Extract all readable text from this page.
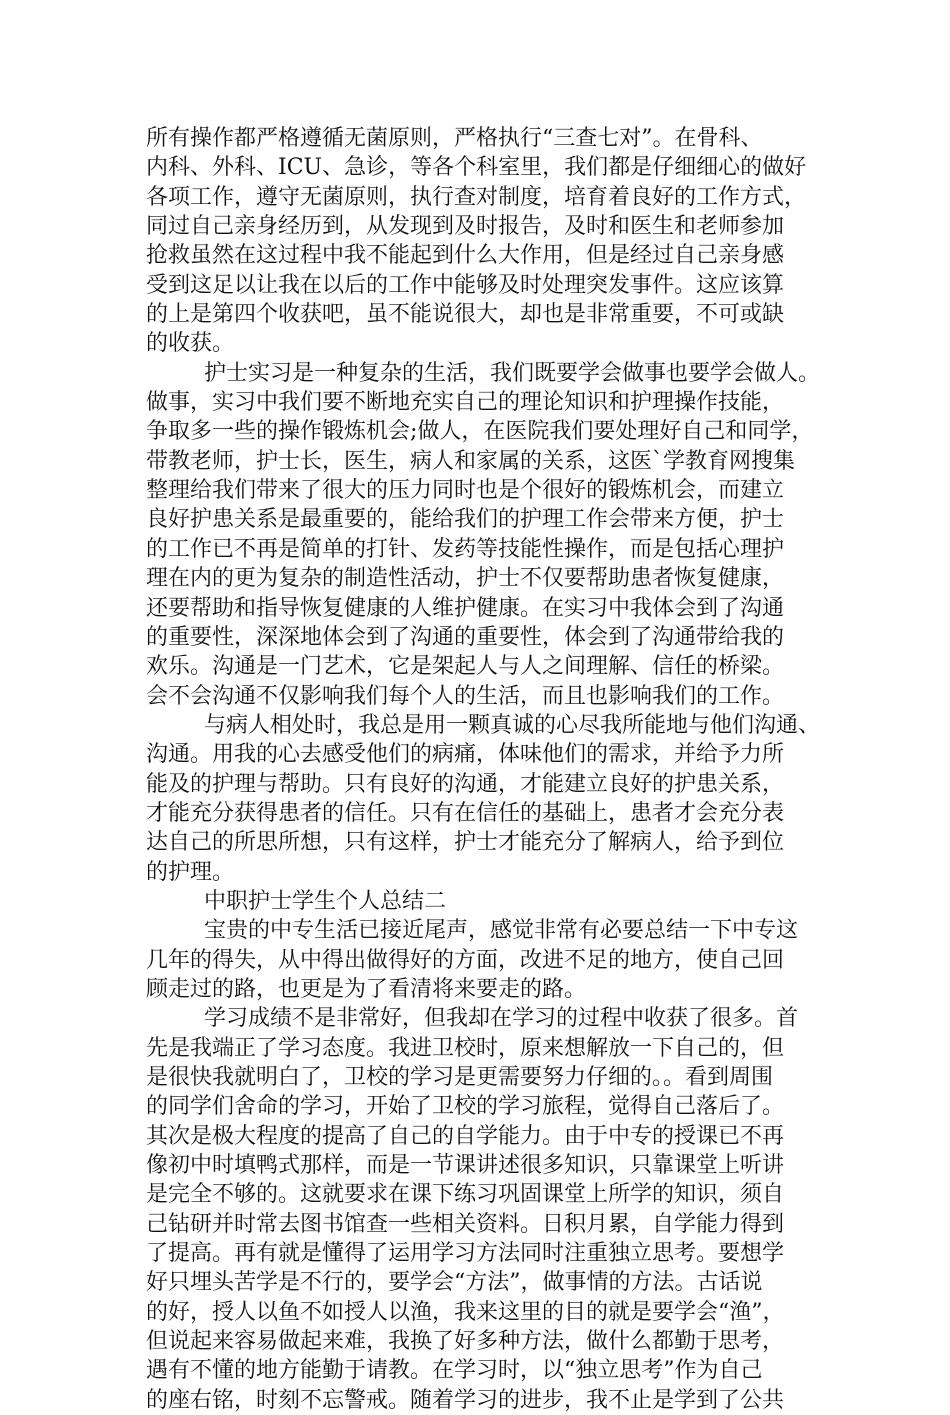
所有操作都严格遵循无菌原则，严格执行“三查七对”。在骨科、
内科、外科、ICU、急诊，等各个科室里，我们都是仔细细心的做好
各项工作，遵守无菌原则，执行查对制度，培育着良好的工作方式，
同过自己亲身经历到，从发现到及时报告，及时和医生和老师参加
抢救虽然在这过程中我不能起到什么大作用，但是经过自己亲身感
受到这足以让我在以后的工作中能够及时处理突发事件。这应该算
的上是第四个收获吧，虽不能说很大，却也是非常重要，不可或缺
的收获。
护士实习是一种复杂的生活，我们既要学会做事也要学会做人。
做事，实习中我们要不断地充实自己的理论知识和护理操作技能，
争取多一些的操作锻炼机会;做人，在医院我们要处理好自己和同学，
带教老师，护士长，医生，病人和家属的关系，这医`学教育网搜集
整理给我们带来了很大的压力同时也是个很好的锻炼机会，而建立
良好护患关系是最重要的，能给我们的护理工作会带来方便，护士
的工作已不再是简单的打针、发药等技能性操作，而是包括心理护
理在内的更为复杂的制造性活动，护士不仅要帮助患者恢复健康，
还要帮助和指导恢复健康的人维护健康。在实习中我体会到了沟通
的重要性，深深地体会到了沟通的重要性，体会到了沟通带给我的
欢乐。沟通是一门艺术，它是架起人与人之间理解、信任的桥梁。
会不会沟通不仅影响我们每个人的生活，而且也影响我们的工作。
与病人相处时，我总是用一颗真诚的心尽我所能地与他们沟通、
沟通。用我的心去感受他们的病痛，体味他们的需求，并给予力所
能及的护理与帮助。只有良好的沟通，才能建立良好的护患关系，
才能充分获得患者的信任。只有在信任的基础上，患者才会充分表
达自己的所思所想，只有这样，护士才能充分了解病人，给予到位
的护理。
中职护士学生个人总结二
宝贵的中专生活已接近尾声，感觉非常有必要总结一下中专这
几年的得失，从中得出做得好的方面，改进不足的地方，使自己回
顾走过的路，也更是为了看清将来要走的路。
学习成绩不是非常好，但我却在学习的过程中收获了很多。首
先是我端正了学习态度。我进卫校时，原来想解放一下自己的，但
是很快我就明白了，卫校的学习是更需要努力仔细的。。看到周围
的同学们舍命的学习，开始了卫校的学习旅程，觉得自己落后了。
其次是极大程度的提高了自己的自学能力。由于中专的授课已不再
像初中时填鸭式那样，而是一节课讲述很多知识，只靠课堂上听讲
是完全不够的。这就要求在课下练习巩固课堂上所学的知识，须自
己钻研并时常去图书馆查一些相关资料。日积月累，自学能力得到
了提高。再有就是懂得了运用学习方法同时注重独立思考。要想学
好只埋头苦学是不行的，要学会“方法”，做事情的方法。古话说
的好，授人以鱼不如授人以渔，我来这里的目的就是要学会“渔”，
但说起来容易做起来难，我换了好多种方法，做什么都勤于思考，
遇有不懂的地方能勤于请教。在学习时，以“独立思考”作为自己
的座右铭，时刻不忘警戒。随着学习的进步，我不止是学到了公共
